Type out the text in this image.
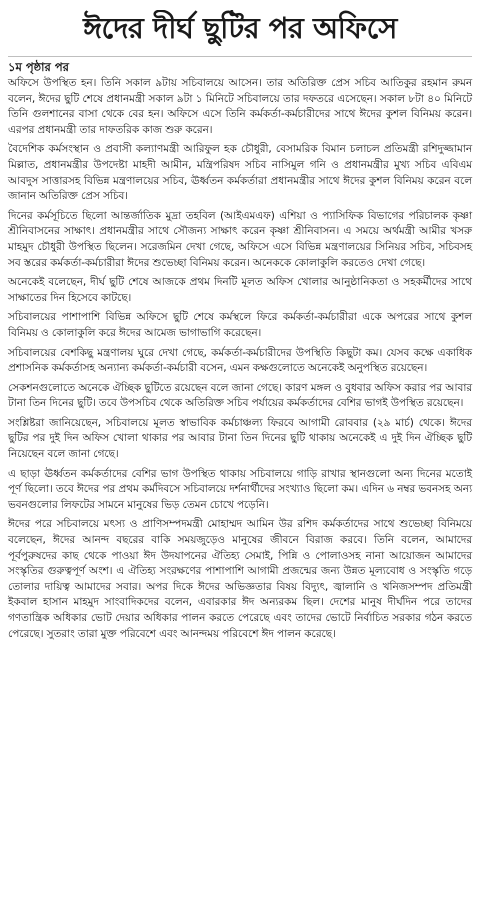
ঈদের দীর্ঘ ছুটির পর অফিসে
১ম পৃষ্ঠার পর

অফিসে উপস্থিত হন। তিনি সকাল ৯টায় সচিবালয়ে আসেন। তার অতিরিক্ত প্রেস সচিব আতিকুর রহমান রুমন বলেন, ঈদের ছুটি শেষে প্রধানমন্ত্রী সকাল ৯টা ১ মিনিটে সচিবালয়ে তার দফতরে এসেছেন। সকাল ৮টা ৪০ মিনিটে তিনি গুলশানের বাসা থেকে বের হন। অফিসে এসে তিনি কর্মকর্তা-কর্মচারীদের সাথে ঈদের কুশল বিনিময় করেন। এরপর প্রধানমন্ত্রী তার দাফতরিক কাজ শুরু করেন।

বৈদেশিক কর্মসংস্থান ও প্রবাসী কল্যাণমন্ত্রী আরিফুল হক চৌধুরী, বেসামরিক বিমান চলাচল প্রতিমন্ত্রী রশিদুজ্জামান মিল্লাত, প্রধানমন্ত্রীর উপদেষ্টা মাহদী আমীন, মন্ত্রিপরিষদ সচিব নাসিমুল গনি ও প্রধানমন্ত্রীর মুখ্য সচিব এবিএম আবদুস সাত্তারসহ বিভিন্ন মন্ত্রণালয়ের সচিব, ঊর্ধ্বতন কর্মকর্তারা প্রধানমন্ত্রীর সাথে ঈদের কুশল বিনিময় করেন বলে জানান অতিরিক্ত প্রেস সচিব।

দিনের কর্মসূচিতে ছিলো আন্তর্জাতিক মুদ্রা তহবিল (আইএমএফ) এশিয়া ও প্যাসিফিক বিভাগের পরিচালক কৃষ্ণা শ্রীনিবাসনের সাক্ষাৎ। প্রধানমন্ত্রীর সাথে সৌজন্য সাক্ষাৎ করেন কৃষ্ণা শ্রীনিবাসন। এ সময়ে অর্থমন্ত্রী আমীর খসরু মাহমুদ চৌধুরী উপস্থিত ছিলেন। সরেজমিন দেখা গেছে, অফিসে এসে বিভিন্ন মন্ত্রণালয়ের সিনিয়র সচিব, সচিবসহ সব স্তরের কর্মকর্তা-কর্মচারীরা ঈদের শুভেচ্ছা বিনিময় করেন। অনেককে কোলাকুলি করতেও দেখা গেছে।

অনেকেই বলেছেন, দীর্ঘ ছুটি শেষে আজকে প্রথম দিনটি মূলত অফিস খোলার আনুষ্ঠানিকতা ও সহকর্মীদের সাথে সাক্ষাতের দিন হিসেবে কাটছে।

সচিবালয়ের পাশাপাশি বিভিন্ন অফিসে ছুটি শেষে কর্মস্থলে ফিরে কর্মকর্তা-কর্মচারীরা একে অপরের সাথে কুশল বিনিময় ও কোলাকুলি করে ঈদের আমেজ ভাগাভাগি করেছেন।

সচিবালয়ের বেশকিছু মন্ত্রণালয় ঘুরে দেখা গেছে, কর্মকর্তা-কর্মচারীদের উপস্থিতি কিছুটা কম। যেসব কক্ষে একাধিক প্রশাসনিক কর্মকর্তাসহ অন্যান্য কর্মকর্তা-কর্মচারী বসেন, এমন কক্ষগুলোতে অনেকেই অনুপস্থিত রয়েছেন।

সেকশনগুলোতে অনেকে ঐচ্ছিক ছুটিতে রয়েছেন বলে জানা গেছে। কারণ মঙ্গল ও বুধবার অফিস করার পর আবার টানা তিন দিনের ছুটি। তবে উপসচিব থেকে অতিরিক্ত সচিব পর্যায়ের কর্মকর্তাদের বেশির ভাগই উপস্থিত রয়েছেন।

সংশ্লিষ্টরা জানিয়েছেন, সচিবালয়ে মূলত স্বাভাবিক কর্মচাঞ্চল্য ফিরবে আগামী রোববার (২৯ মার্চ) থেকে। ঈদের ছুটির পর দুই দিন অফিস খোলা থাকার পর আবার টানা তিন দিনের ছুটি থাকায় অনেকেই এ দুই দিন ঐচ্ছিক ছুটি নিয়েছেন বলে জানা গেছে।

এ ছাড়া ঊর্ধ্বতন কর্মকর্তাদের বেশির ভাগ উপস্থিত থাকায় সচিবালয়ে গাড়ি রাখার স্থানগুলো অন্য দিনের মতোই পূর্ণ ছিলো। তবে ঈদের পর প্রথম কর্মদিবসে সচিবালয়ে দর্শনার্থীদের সংখ্যাও ছিলো কম। এদিন ৬ নম্বর ভবনসহ অন্য ভবনগুলোর লিফটের সামনে মানুষের ভিড় তেমন চোখে পড়েনি।

ঈদের পরে সচিবালয়ে মৎস্য ও প্রাণিসম্পদমন্ত্রী মোহাম্মদ আমিন উর রশিদ কর্মকর্তাদের সাথে শুভেচ্ছা বিনিময়ে বলেছেন, ঈদের আনন্দ বছরের বাকি সময়জুড়েও মানুষের জীবনে বিরাজ করবে। তিনি বলেন, আমাদের পূর্বপুরুষদের কাছ থেকে পাওয়া ঈদ উদযাপনের ঐতিহ্য সেমাই, পিন্নি ও পোলাওসহ নানা আয়োজন আমাদের সংস্কৃতির গুরুত্বপূর্ণ অংশ। এ ঐতিহ্য সংরক্ষণের পাশাপাশি আগামী প্রজন্মের জন্য উন্নত মূল্যবোধ ও সংস্কৃতি গড়ে তোলার দায়িত্ব আমাদের সবার। অপর দিকে ঈদের অভিজ্ঞতার বিষয় বিদ্যুৎ, জ্বালানি ও খনিজসম্পদ প্রতিমন্ত্রী ইকবাল হাসান মাহমুদ সাংবাদিকদের বলেন, এবারকার ঈদ অন্যরকম ছিল। দেশের মানুষ দীর্ঘদিন পরে তাদের গণতান্ত্রিক অধিকার ভোট দেয়ার অধিকার পালন করতে পেরেছে এবং তাদের ভোটে নির্বাচিত সরকার গঠন করতে পেরেছে। সুতরাং তারা মুক্ত পরিবেশে এবং আনন্দময় পরিবেশে ঈদ পালন করেছে।
